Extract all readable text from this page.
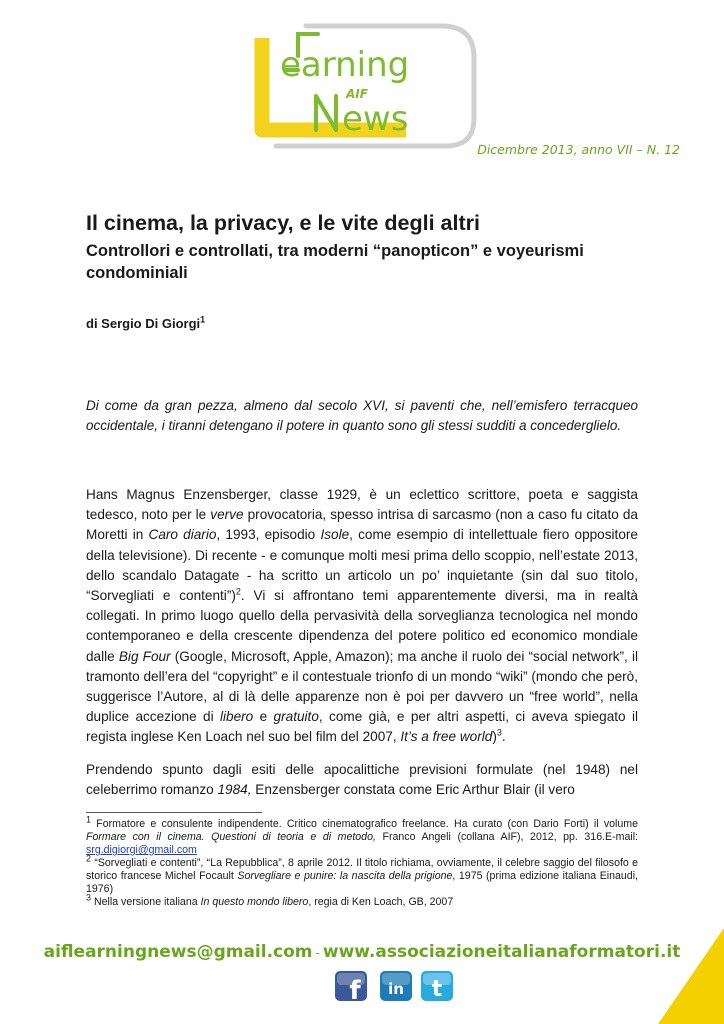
earning
AIF
ews
Dicembre 2013, anno VII – N. 12
Il cinema, la privacy, e le vite degli altri
Controllori e controllati, tra moderni “panopticon” e voyeurismi condominiali

di Sergio Di Giorgi$^1$

Di come da gran pezza, almeno dal secolo XVI, si paventi che, nell’emisfero terracqueo occidentale, i tiranni detengano il potere in quanto sono gli stessi sudditi a concederglielo.

Hans Magnus Enzensberger, classe 1929, è un eclettico scrittore, poeta e saggista tedesco, noto per le verve provocatoria, spesso intrisa di sarcasmo (non a caso fu citato da Moretti in Caro diario, 1993, episodio Isole, come esempio di intellettuale fiero oppositore della televisione). Di recente - e comunque molti mesi prima dello scoppio, nell’estate 2013, dello scandalo Datagate - ha scritto un articolo un po’ inquietante (sin dal suo titolo, “Sorvegliati e contenti”)$^2$. Vi si affrontano temi apparentemente diversi, ma in realtà collegati. In primo luogo quello della pervasività della sorveglianza tecnologica nel mondo contemporaneo e della crescente dipendenza del potere politico ed economico mondiale dalle Big Four (Google, Microsoft, Apple, Amazon); ma anche il ruolo dei “social network”, il tramonto dell’era del “copyright” e il contestuale trionfo di un mondo “wiki” (mondo che però, suggerisce l’Autore, al di là delle apparenze non è poi per davvero un “free world”, nella duplice accezione di libero e gratuito, come già, e per altri aspetti, ci aveva spiegato il regista inglese Ken Loach nel suo bel film del 2007, It’s a free world)$^3$.

Prendendo spunto dagli esiti delle apocalittiche previsioni formulate (nel 1948) nel celeberrimo romanzo 1984, Enzensberger constata come Eric Arthur Blair (il vero

$^1$ Formatore e consulente indipendente. Critico cinematografico freelance. Ha curato (con Dario Forti) il volume Formare con il cinema. Questioni di teoria e di metodo, Franco Angeli (collana AIF), 2012, pp. 316.E-mail: srg.digiorgi@gmail.com

$^2$ “Sorvegliati e contenti”, “La Repubblica”, 8 aprile 2012. Il titolo richiama, ovviamente, il celebre saggio del filosofo e storico francese Michel Focault Sorvegliare e punire: la nascita della prigione, 1975 (prima edizione italiana Einaudi, 1976)

$^3$ Nella versione italiana In questo mondo libero, regia di Ken Loach, GB, 2007

aiflearningnews@gmail.com - www.associazioneitalianaformatori.it
f in t
